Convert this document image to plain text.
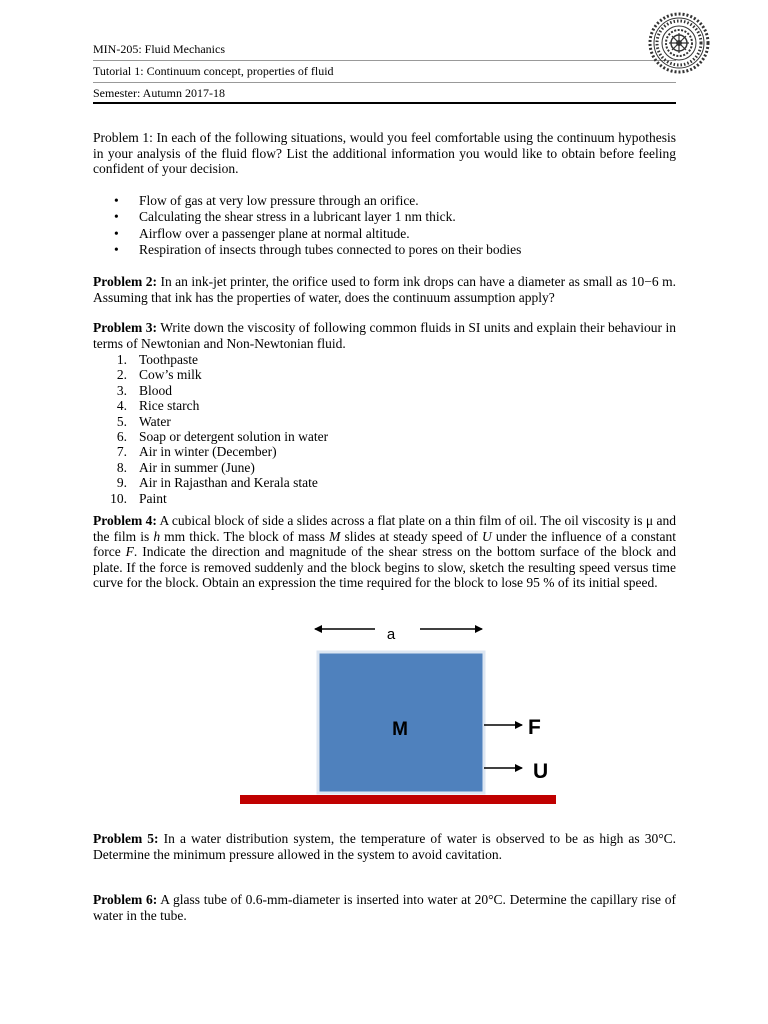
MIN-205: Fluid Mechanics
Tutorial 1: Continuum concept, properties of fluid
Semester: Autumn 2017-18
Problem 1: In each of the following situations, would you feel comfortable using the continuum hypothesis in your analysis of the fluid flow? List the additional information you would like to obtain before feeling confident of your decision.
• Flow of gas at very low pressure through an orifice.
• Calculating the shear stress in a lubricant layer 1 nm thick.
• Airflow over a passenger plane at normal altitude.
• Respiration of insects through tubes connected to pores on their bodies
Problem 2: In an ink-jet printer, the orifice used to form ink drops can have a diameter as small as 10−6 m. Assuming that ink has the properties of water, does the continuum assumption apply?
Problem 3: Write down the viscosity of following common fluids in SI units and explain their behaviour in terms of Newtonian and Non-Newtonian fluid.
1. Toothpaste
2. Cow’s milk
3. Blood
4. Rice starch
5. Water
6. Soap or detergent solution in water
7. Air in winter (December)
8. Air in summer (June)
9. Air in Rajasthan and Kerala state
10. Paint
Problem 4: A cubical block of side a slides across a flat plate on a thin film of oil. The oil viscosity is μ and the film is h mm thick. The block of mass M slides at steady speed of U under the influence of a constant force F. Indicate the direction and magnitude of the shear stress on the bottom surface of the block and plate. If the force is removed suddenly and the block begins to slow, sketch the resulting speed versus time curve for the block. Obtain an expression the time required for the block to lose 95 % of its initial speed.
a
M	F
U
Problem 5: In a water distribution system, the temperature of water is observed to be as high as 30°C. Determine the minimum pressure allowed in the system to avoid cavitation.
Problem 6: A glass tube of 0.6-mm-diameter is inserted into water at 20°C. Determine the capillary rise of water in the tube.
